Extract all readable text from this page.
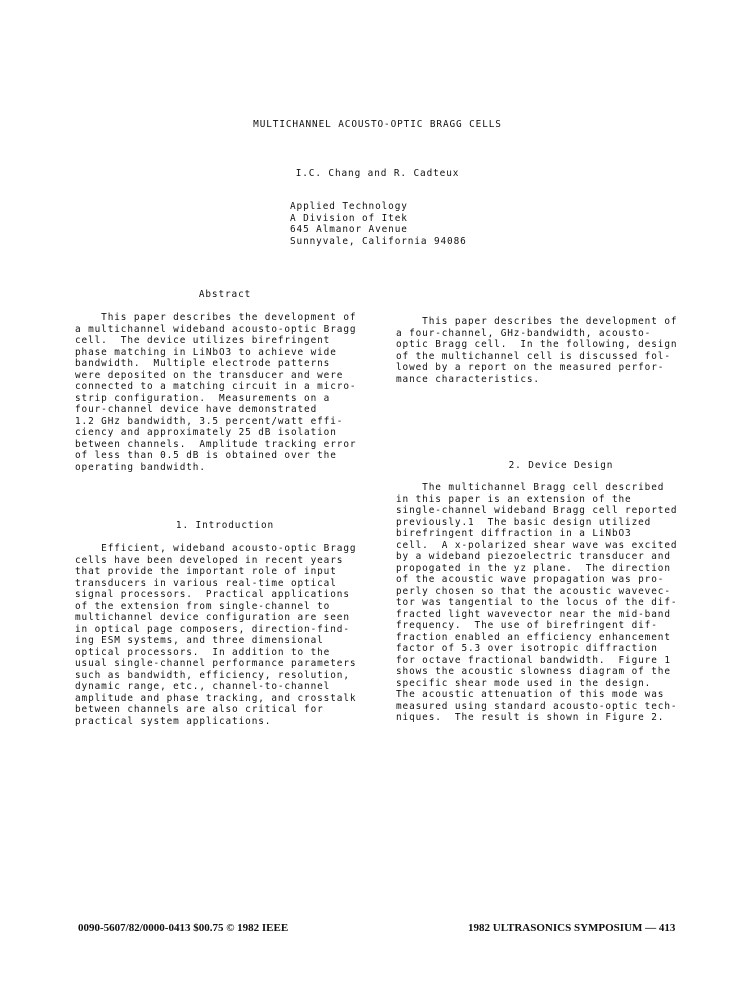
MULTICHANNEL ACOUSTO-OPTIC BRAGG CELLS
I.C. Chang and R. Cadteux
Applied Technology
A Division of Itek
645 Almanor Avenue
Sunnyvale, California 94086
Abstract
This paper describes the development of
a multichannel wideband acousto-optic Bragg
cell.  The device utilizes birefringent
phase matching in LiNbO3 to achieve wide
bandwidth.  Multiple electrode patterns
were deposited on the transducer and were
connected to a matching circuit in a micro-
strip configuration.  Measurements on a
four-channel device have demonstrated
1.2 GHz bandwidth, 3.5 percent/watt effi-
ciency and approximately 25 dB isolation
between channels.  Amplitude tracking error
of less than 0.5 dB is obtained over the
operating bandwidth.
This paper describes the development of
a four-channel, GHz-bandwidth, acousto-
optic Bragg cell.  In the following, design
of the multichannel cell is discussed fol-
lowed by a report on the measured perfor-
mance characteristics.
1. Introduction
Efficient, wideband acousto-optic Bragg
cells have been developed in recent years
that provide the important role of input
transducers in various real-time optical
signal processors.  Practical applications
of the extension from single-channel to
multichannel device configuration are seen
in optical page composers, direction-find-
ing ESM systems, and three dimensional
optical processors.  In addition to the
usual single-channel performance parameters
such as bandwidth, efficiency, resolution,
dynamic range, etc., channel-to-channel
amplitude and phase tracking, and crosstalk
between channels are also critical for
practical system applications.
2. Device Design
The multichannel Bragg cell described
in this paper is an extension of the
single-channel wideband Bragg cell reported
previously.1  The basic design utilized
birefringent diffraction in a LiNbO3
cell.  A x-polarized shear wave was excited
by a wideband piezoelectric transducer and
propogated in the yz plane.  The direction
of the acoustic wave propagation was pro-
perly chosen so that the acoustic wavevec-
tor was tangential to the locus of the dif-
fracted light wavevector near the mid-band
frequency.  The use of birefringent dif-
fraction enabled an efficiency enhancement
factor of 5.3 over isotropic diffraction
for octave fractional bandwidth.  Figure 1
shows the acoustic slowness diagram of the
specific shear mode used in the design.
The acoustic attenuation of this mode was
measured using standard acousto-optic tech-
niques.  The result is shown in Figure 2.
0090-5607/82/0000-0413 $00.75 © 1982 IEEE	1982 ULTRASONICS SYMPOSIUM — 413
